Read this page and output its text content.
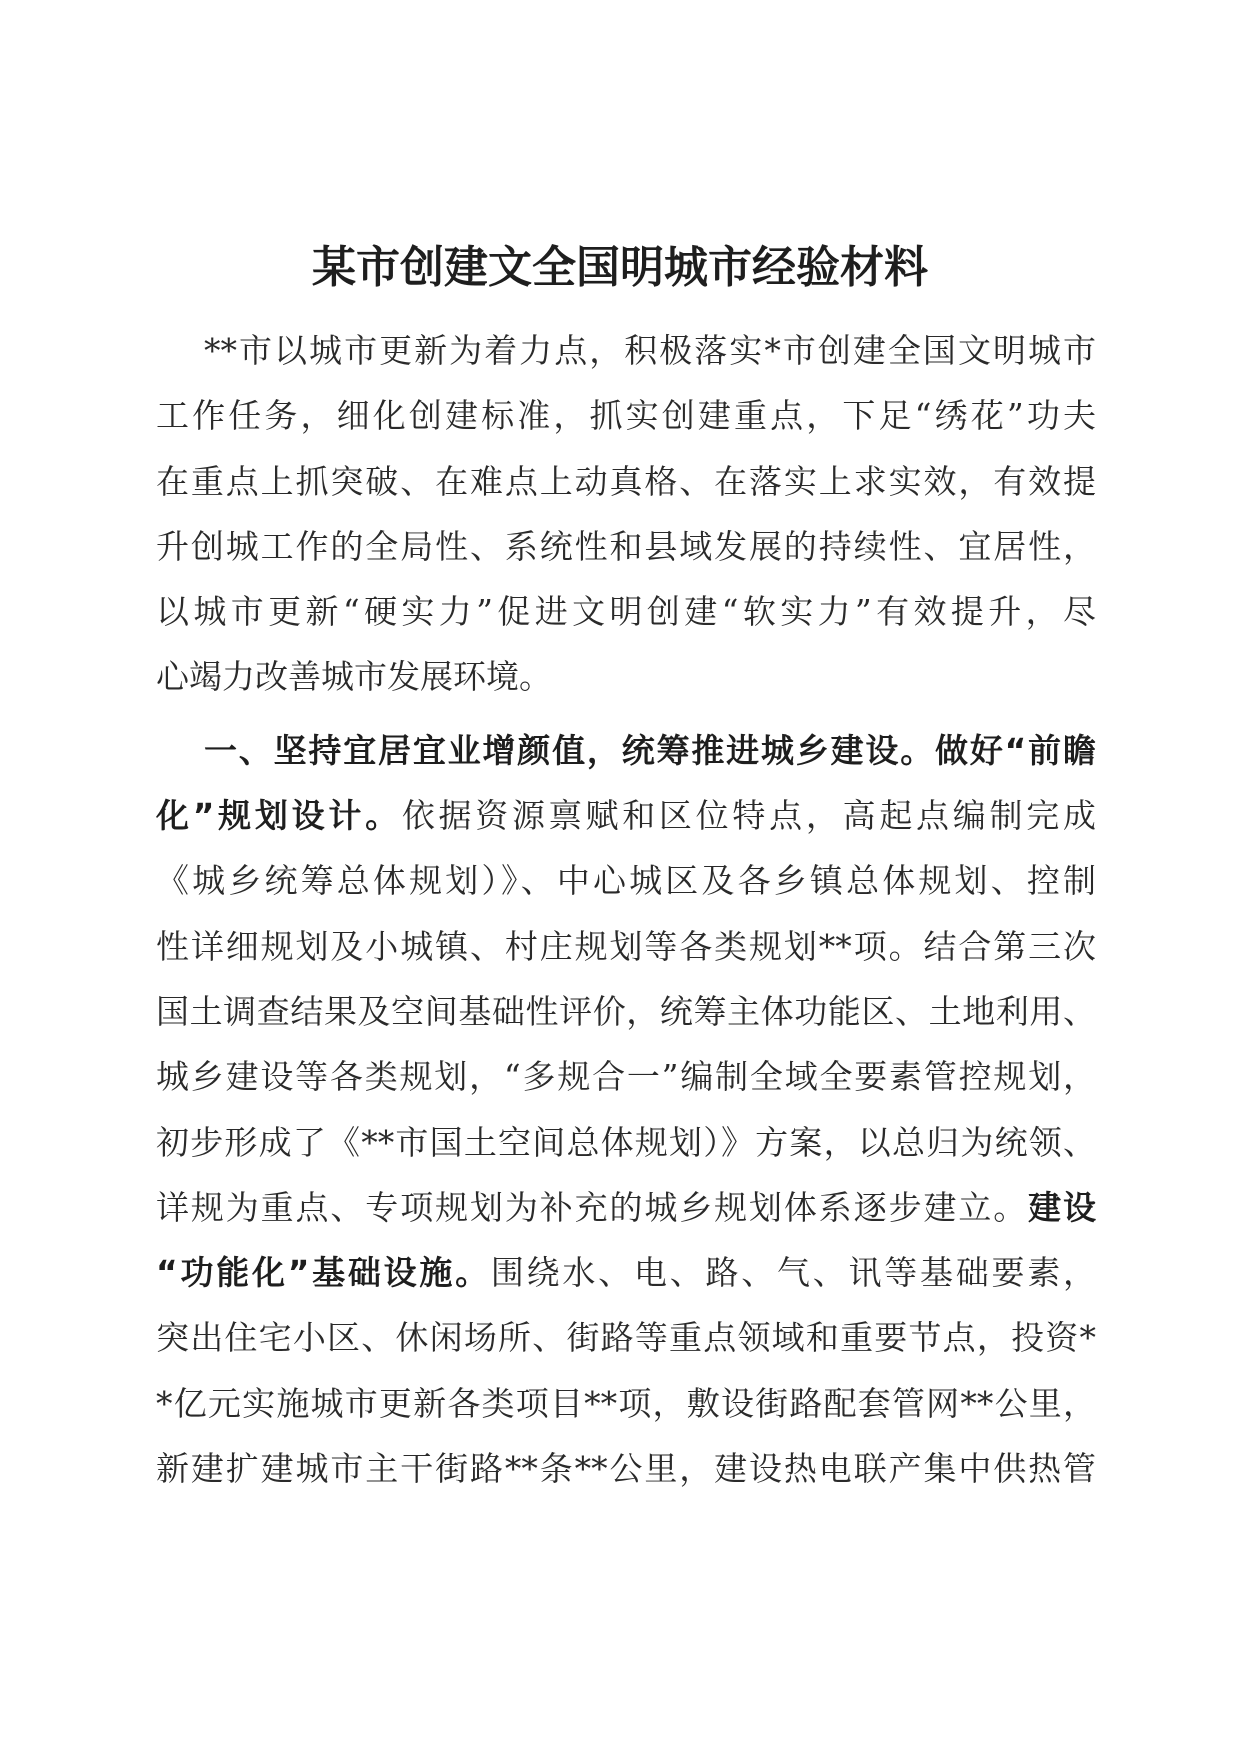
某市创建文全国明城市经验材料
**市以城市更新为着力点，积极落实*市创建全国文明城市
工作任务，细化创建标准，抓实创建重点，下足“绣花”功夫
在重点上抓突破、在难点上动真格、在落实上求实效，有效提
升创城工作的全局性、系统性和县域发展的持续性、宜居性，
以城市更新“硬实力”促进文明创建“软实力”有效提升，尽
心竭力改善城市发展环境。
一、坚持宜居宜业增颜值，统筹推进城乡建设。做好“前瞻
化”规划设计。依据资源禀赋和区位特点，高起点编制完成
《城乡统筹总体规划）》、中心城区及各乡镇总体规划、控制
性详细规划及小城镇、村庄规划等各类规划**项。结合第三次
国土调查结果及空间基础性评价，统筹主体功能区、土地利用、
城乡建设等各类规划，“多规合一”编制全域全要素管控规划，
初步形成了《**市国土空间总体规划）》方案，以总归为统领、
详规为重点、专项规划为补充的城乡规划体系逐步建立。建设
“功能化”基础设施。围绕水、电、路、气、讯等基础要素，
突出住宅小区、休闲场所、街路等重点领域和重要节点，投资*
*亿元实施城市更新各类项目**项，敷设街路配套管网**公里，
新建扩建城市主干街路**条**公里，建设热电联产集中供热管
